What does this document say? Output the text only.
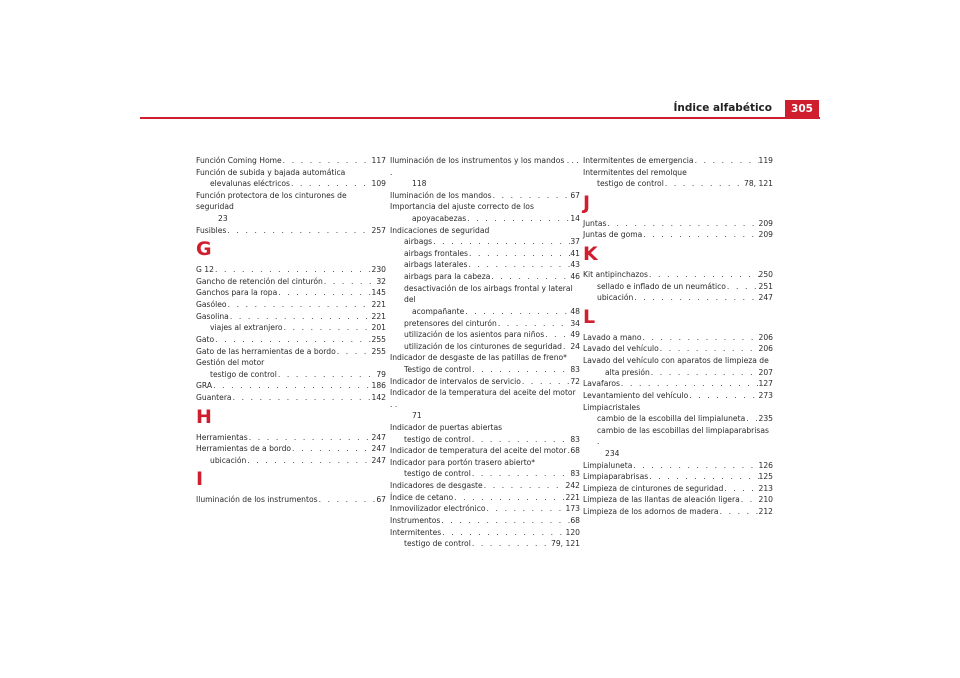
Índice alfabético	305
Función Coming Home . . .	117
Función de subida y bajada automática
elevalunas eléctricos . . .	109
Función protectora de los cinturones de seguridad
23
Fusibles . . .	257
G
G 12 . . .	230
Gancho de retención del cinturón . . .	32
Ganchos para la ropa . . .	145
Gasóleo . . .	221
Gasolina . . .	221
viajes al extranjero . . .	201
Gato . . .	255
Gato de las herramientas de a bordo . . .	255
Gestión del motor
testigo de control . . .	79
GRA . . .	186
Guantera . . .	142
H
Herramientas . . .	247
Herramientas de a bordo . . .	247
ubicación . . .	247
I
Iluminación de los instrumentos . . .	67
Iluminación de los instrumentos y los mandos . . . .
118
Iluminación de los mandos . . .	67
Importancia del ajuste correcto de los
apoyacabezas . . .	14
Indicaciones de seguridad
airbags . . .	37
airbags frontales . . .	41
airbags laterales . . .	43
airbags para la cabeza . . .	46
desactivación de los airbags frontal y lateral del
acompañante . . .	48
pretensores del cinturón . . .	34
utilización de los asientos para niños . . .	49
utilización de los cinturones de seguridad . . . 24
Indicador de desgaste de las patillas de freno*
Testigo de control . . .	83
Indicador de intervalos de servicio . . .	72
Indicador de la temperatura del aceite del motor . .
71
Indicador de puertas abiertas
testigo de control . . .	83
Indicador de temperatura del aceite del motor . . . 68
Indicador para portón trasero abierto*
testigo de control . . .	83
Indicadores de desgaste . . .	242
Índice de cetano . . .	221
Inmovilizador electrónico . . .	173
Instrumentos . . .	68
Intermitentes . . .	120
testigo de control . . .	79, 121
Intermitentes de emergencia . . .	119
Intermitentes del remolque
testigo de control . . .	78, 121
J
Juntas . . .	209
Juntas de goma . . .	209
K
Kit antipinchazos . . .	250
sellado e inflado de un neumático . . .	251
ubicación . . .	247
L
Lavado a mano . . .	206
Lavado del vehículo . . .	206
Lavado del vehículo con aparatos de limpieza de
alta presión . . .	207
Lavafaros . . .	127
Levantamiento del vehículo . . .	273
Limpiacristales
cambio de la escobilla del limpialuneta . . . 235
cambio de las escobillas del limpiaparabrisas .
234
Limpialuneta . . .	126
Limpiaparabrisas . . .	125
Limpieza de cinturones de seguridad . . .	213
Limpieza de las llantas de aleación ligera . . . 210
Limpieza de los adornos de madera . . .	212
